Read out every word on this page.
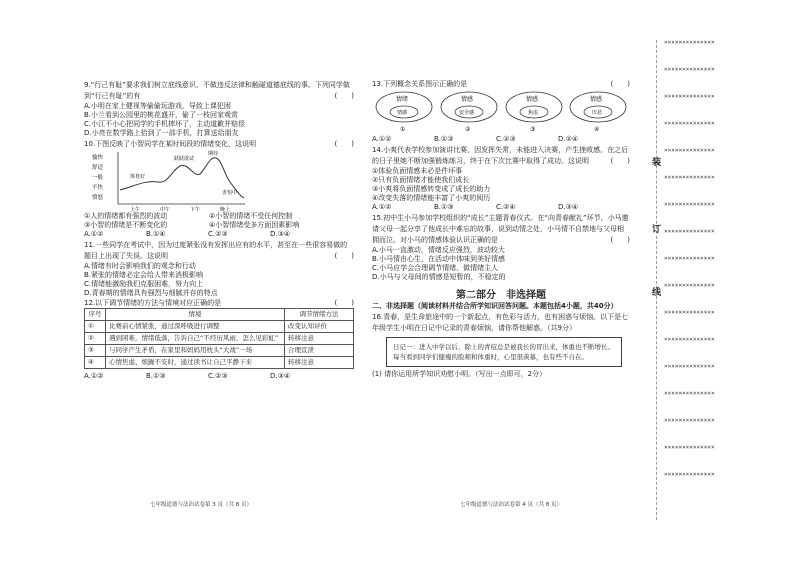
9.“行己有耻”要求我们树立底线意识、不做违反法律和触碰道德底线的事。下列同学做到“行己有耻”的有	(　　)
A.小明在家上健视等偷偷玩游戏，导致上课犯困
B.小兰看到公园里的桃花盛开，偷了一枝回家观赏
C.小江不小心把同学的手机摔坏了，主动道歉并赔偿
D.小亮在数学路上拾到了一部手机，打算送给朋友
10.下图反映了小智同学在某时间段的情绪变化，这说明	(　　)
愉快
舒适
一般
不快
愤怒
体育好
跃跃欲试
期待
害怕中
上午	中午	下午	晚上
①人的情绪都有强烈的波动	②小智的情绪不受任何控制
③小智的情绪是不断变化的	④小智情绪受多方面因素影响
A.①②	B.①④	C.②③	D.③④
11.一些同学在考试中，因为过度紧张没有发挥出应有的水平，甚至在一些很容易做的题目上出现了失误。这说明	(　　)
A.情绪有时会影响我们的观念和行动
B.紧张的情绪必定会给人带来消极影响
C.情绪能激励我们克服困难，努力向上
D.青春期的情绪具有强烈与细腻并存的特点
12.以下调节情绪的方法与情境对应正确的是	(　　)
序号	情境	调节情绪方法
①	比赛前心情紧张，通过深呼吸进行调整	改变认知评价
②	遇到困难，情绪低落，告诉自己“不经历风雨，怎么见彩虹”	转移注意
③	与同学产生矛盾，在家里和妈妈用枕头“大战”一场	合理宣泄
④	心情焦虑、烦躁不安时，通过读书让自己平静下来	转移注意
A.①②	B.①③	C.②③	D.③④
七年级道德与法治试卷第 3 页（共 8 页）
13.下列概念关系图示正确的是	(　　)
情绪
情感
①
情感
安全感
②
情感
焦虑
③
情感
厌恶
④
A.①②	B.①③	C.②③	D.②④
14.小爽代表学校参加演讲比赛，因发挥失常，未能进入决赛，产生挫败感。在之后的日子里她不断加强锻炼练习，终于在下次比赛中取得了成功。这说明	(　　)
①体验负面情感未必是件坏事
②只有负面情绪才能使我们成长
③小爽将负面情感转变成了成长的助力
④改变失落的情绪能丰富了小爽的阅历
A.①②	B.①③	C.②④	D.③④
15.初中生小马参加学校组织的“成长”主题青春仪式。在“向青春献礼”环节，小马邀请父母一起分享了他成长中难忘的故事，说到动情之处，小马情不自禁地与父母相拥而泣。对小马的情感体验认识正确的是	(　　)
A.小马一直激动，情绪反应强烈，波动较大
B.小马情由心生，在活动中体味到美好情感
C.小马应学会合理调节情绪，做情绪主人
D.小马与父母间的情感是短暂的，不稳定的
第二部分　非选择题
二、非选择题（阅读材料并结合所学知识回答问题。本题包括4小题，共40分）
16.青春，是生命旅途中的一个新起点，有色彩与活力，也有困惑与烦恼。以下是七年级学生小明在日记中记录的青春烦恼，请你帮他解惑。（共9分）
日记一：进入中学以后，除上的青痘总是被我长的冒出来，体重也不断增长。每当看到同学们健瘦的脸颊和体重时，心里很羡慕，也有些不自在。
(1) 请你运用所学知识劝慰小明。（写出一点即可，2分）
七年级道德与法治试卷第 4 页（共 8 页）
××××××××××××××
××××××××××××××
××××××××××××××
××××××××××××××
××××××××××××××
××××××××××××××
××××××××××××××
××××××××××××××
××××××××××××××
××××××××××××××
××××××××××××××
××××××××××××××
××××××××××××××
××××××××××××××
××××××××××××××
××××××××××××××
××××××××××××××
装
订
线
